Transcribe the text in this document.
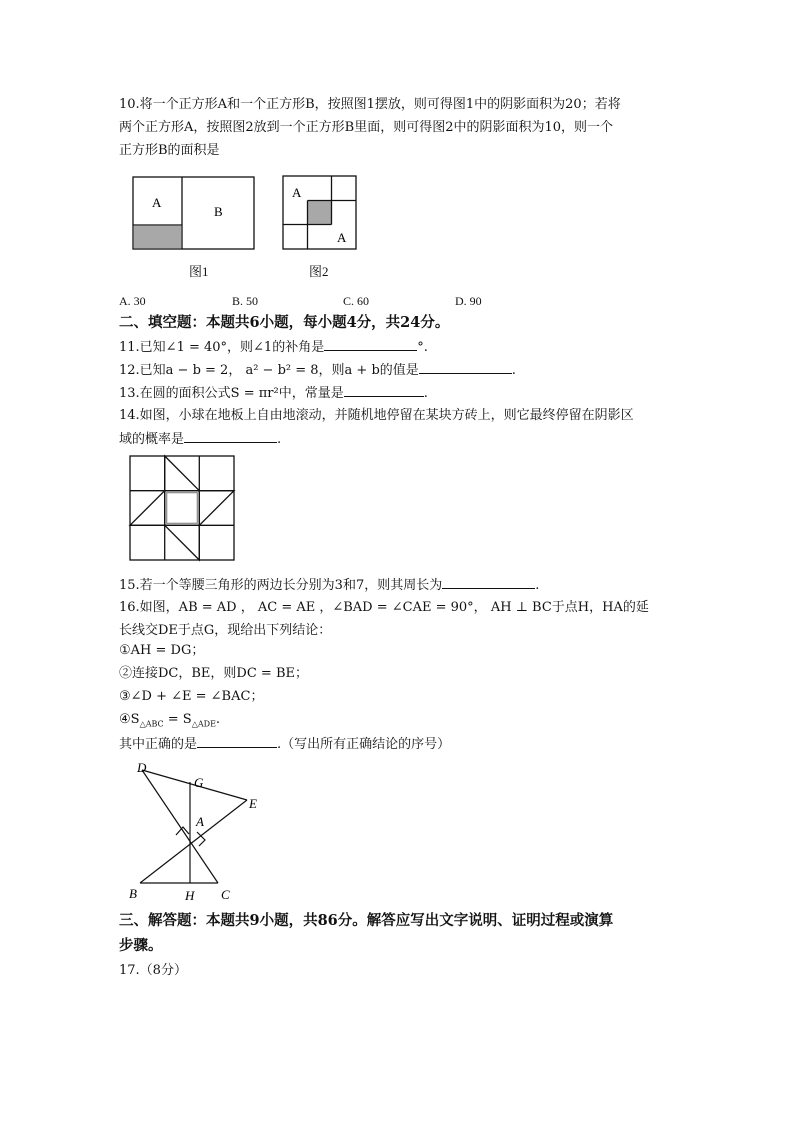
10.将一个正方形A和一个正方形B，按照图1摆放，则可得图1中的阴影面积为20；若将
两个正方形A，按照图2放到一个正方形B里面，则可得图2中的阴影面积为10，则一个
正方形B的面积是
A
B
A
A
图1	图2
A. 30	B. 50	C. 60	D. 90
二、填空题：本题共6小题，每小题4分，共24分。
11.已知∠1 = 40°，则∠1的补角是	°.
12.已知a − b = 2， a² − b² = 8，则a + b的值是	.
13.在圆的面积公式S = πr²中，常量是	.
14.如图，小球在地板上自由地滚动，并随机地停留在某块方砖上，则它最终停留在阴影区
域的概率是	.
15.若一个等腰三角形的两边长分别为3和7，则其周长为	.
16.如图，AB = AD ， AC = AE ，∠BAD = ∠CAE = 90°， AH ⊥ BC于点H，HA的延
长线交DE于点G，现给出下列结论：
①AH = DG；
②连接DC，BE，则DC = BE；
③∠D + ∠E = ∠BAC；
$④S_{\triangle ABC} = S_{\triangle ADE}$.
其中正确的是	.（写出所有正确结论的序号）
D
G
E
A
B	H C
三、解答题：本题共9小题，共86分。解答应写出文字说明、证明过程或演算
步骤。
17.（8分）
